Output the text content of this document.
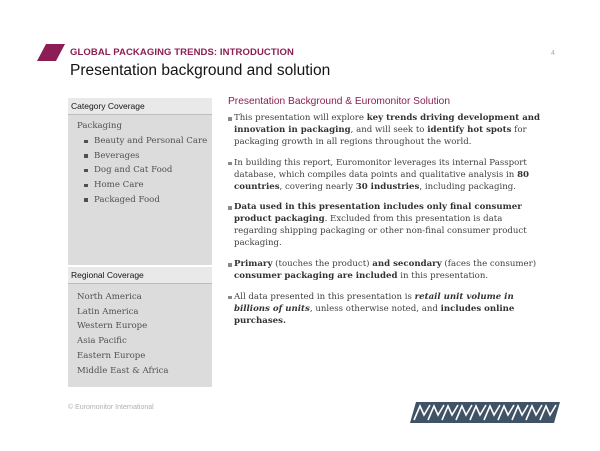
GLOBAL PACKAGING TRENDS: INTRODUCTION	4
Presentation background and solution
Category Coverage
Packaging
Beauty and Personal Care
Beverages
Dog and Cat Food
Home Care
Packaged Food
Regional Coverage
North America
Latin America
Western Europe
Asia Pacific
Eastern Europe
Middle East & Africa
Presentation Background & Euromonitor Solution
This presentation will explore key trends driving development and innovation in packaging, and will seek to identify hot spots for packaging growth in all regions throughout the world.
In building this report, Euromonitor leverages its internal Passport database, which compiles data points and qualitative analysis in 80 countries, covering nearly 30 industries, including packaging.
Data used in this presentation includes only final consumer product packaging. Excluded from this presentation is data regarding shipping packaging or other non-final consumer product packaging.
Primary (touches the product) and secondary (faces the consumer) consumer packaging are included in this presentation.
All data presented in this presentation is retail unit volume in billions of units, unless otherwise noted, and includes online purchases.
© Euromonitor International
